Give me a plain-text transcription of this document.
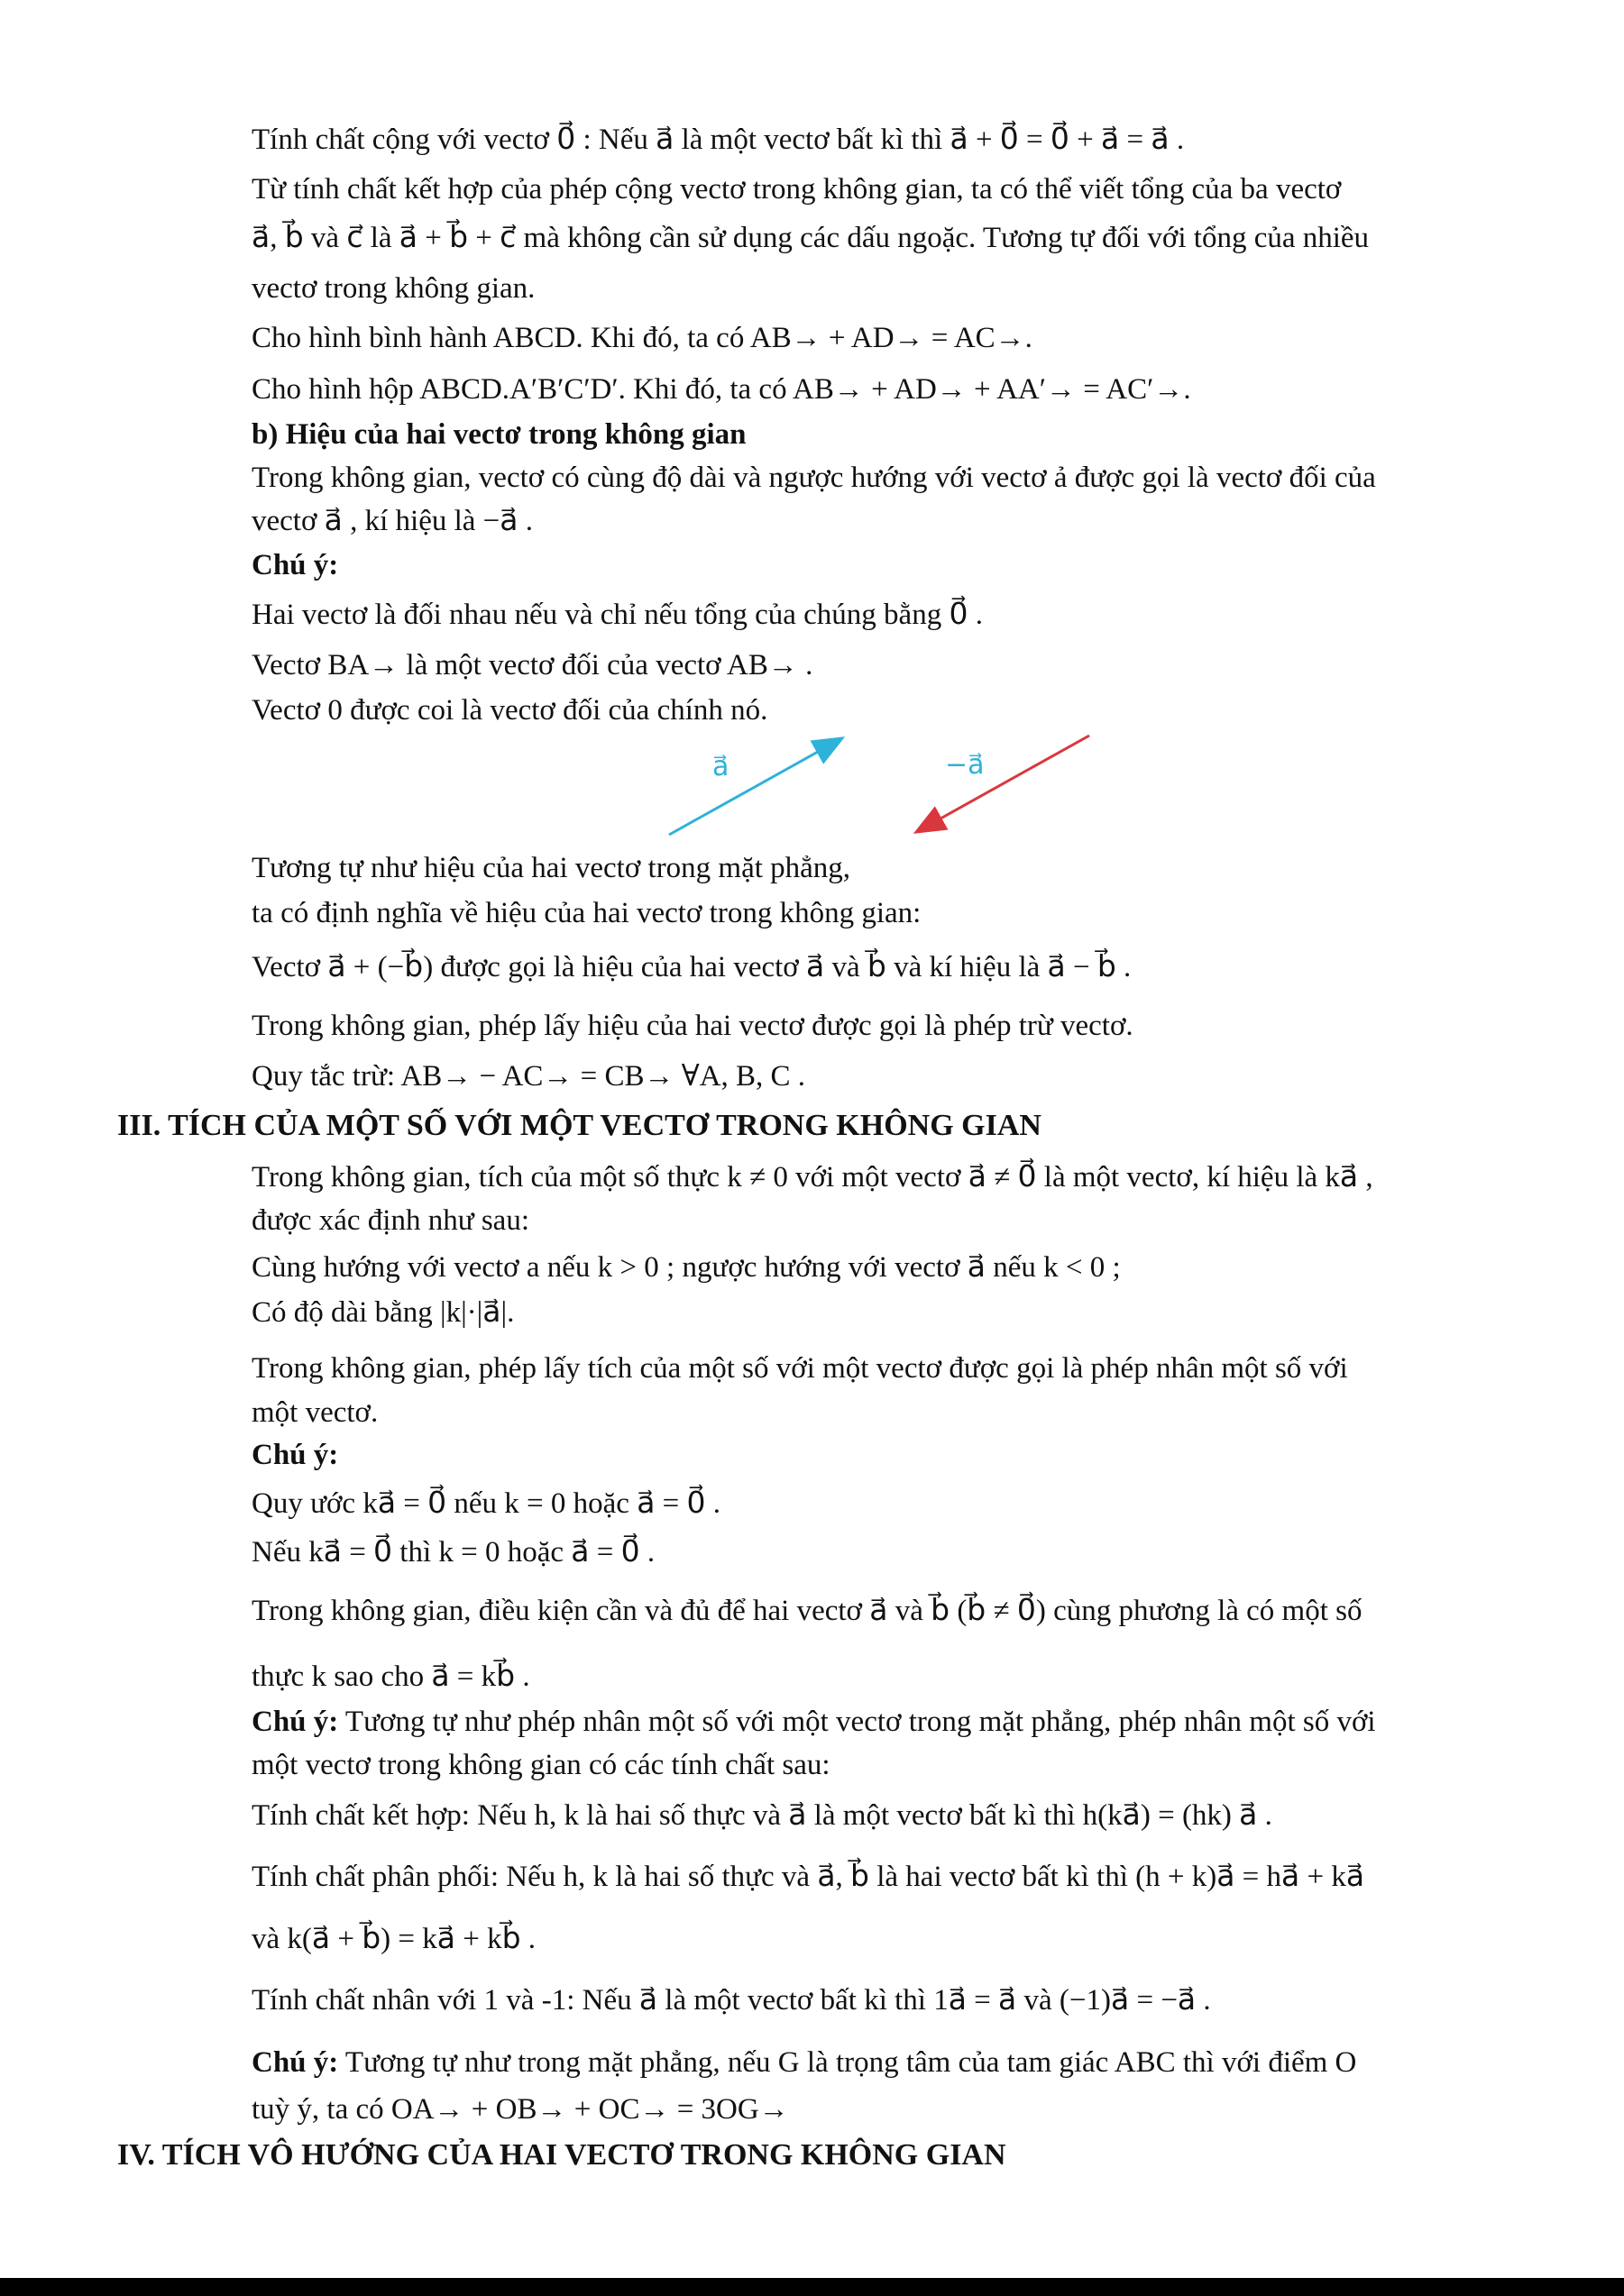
Tính chất cộng với vectơ 0⃗ : Nếu a⃗ là một vectơ bất kì thì a⃗ + 0⃗ = 0⃗ + a⃗ = a⃗ .
Từ tính chất kết hợp của phép cộng vectơ trong không gian, ta có thể viết tổng của ba vectơ
a⃗, b⃗ và c⃗ là a⃗ + b⃗ + c⃗ mà không cần sử dụng các dấu ngoặc. Tương tự đối với tổng của nhiều
vectơ trong không gian.
Cho hình bình hành ABCD. Khi đó, ta có AB→ + AD→ = AC→.
Cho hình hộp ABCD.A′B′C′D′. Khi đó, ta có AB→ + AD→ + AA′→ = AC′→.
b) Hiệu của hai vectơ trong không gian
Trong không gian, vectơ có cùng độ dài và ngược hướng với vectơ ả được gọi là vectơ đối của
vectơ a⃗ , kí hiệu là −a⃗ .
Chú ý:
Hai vectơ là đối nhau nếu và chỉ nếu tổng của chúng bằng 0⃗ .
Vectơ BA→ là một vectơ đối của vectơ AB→ .
Vectơ 0 được coi là vectơ đối của chính nó.
a⃗	−a⃗
Tương tự như hiệu của hai vectơ trong mặt phẳng,
ta có định nghĩa về hiệu của hai vectơ trong không gian:
Vectơ a⃗ + (−b⃗) được gọi là hiệu của hai vectơ a⃗ và b⃗ và kí hiệu là a⃗ − b⃗ .
Trong không gian, phép lấy hiệu của hai vectơ được gọi là phép trừ vectơ.
Quy tắc trừ: AB→ − AC→ = CB→ ∀A, B, C .
III. TÍCH CỦA MỘT SỐ VỚI MỘT VECTƠ TRONG KHÔNG GIAN
Trong không gian, tích của một số thực k ≠ 0 với một vectơ a⃗ ≠ 0⃗ là một vectơ, kí hiệu là ka⃗ ,
được xác định như sau:
Cùng hướng với vectơ a nếu k > 0 ; ngược hướng với vectơ a⃗ nếu k < 0 ;
Có độ dài bằng |k|·|a⃗|.
Trong không gian, phép lấy tích của một số với một vectơ được gọi là phép nhân một số với
một vectơ.
Chú ý:
Quy ước ka⃗ = 0⃗ nếu k = 0 hoặc a⃗ = 0⃗ .
Nếu ka⃗ = 0⃗ thì k = 0 hoặc a⃗ = 0⃗ .
Trong không gian, điều kiện cần và đủ để hai vectơ a⃗ và b⃗ (b⃗ ≠ 0⃗) cùng phương là có một số
thực k sao cho a⃗ = kb⃗ .
Chú ý: Tương tự như phép nhân một số với một vectơ trong mặt phẳng, phép nhân một số với
một vectơ trong không gian có các tính chất sau:
Tính chất kết hợp: Nếu h, k là hai số thực và a⃗ là một vectơ bất kì thì h(ka⃗) = (hk) a⃗ .
Tính chất phân phối: Nếu h, k là hai số thực và a⃗, b⃗ là hai vectơ bất kì thì (h + k)a⃗ = ha⃗ + ka⃗
và k(a⃗ + b⃗) = ka⃗ + kb⃗ .
Tính chất nhân với 1 và -1: Nếu a⃗ là một vectơ bất kì thì 1a⃗ = a⃗ và (−1)a⃗ = −a⃗ .
Chú ý: Tương tự như trong mặt phẳng, nếu G là trọng tâm của tam giác ABC thì với điểm O
tuỳ ý, ta có OA→ + OB→ + OC→ = 3OG→
IV. TÍCH VÔ HƯỚNG CỦA HAI VECTƠ TRONG KHÔNG GIAN
